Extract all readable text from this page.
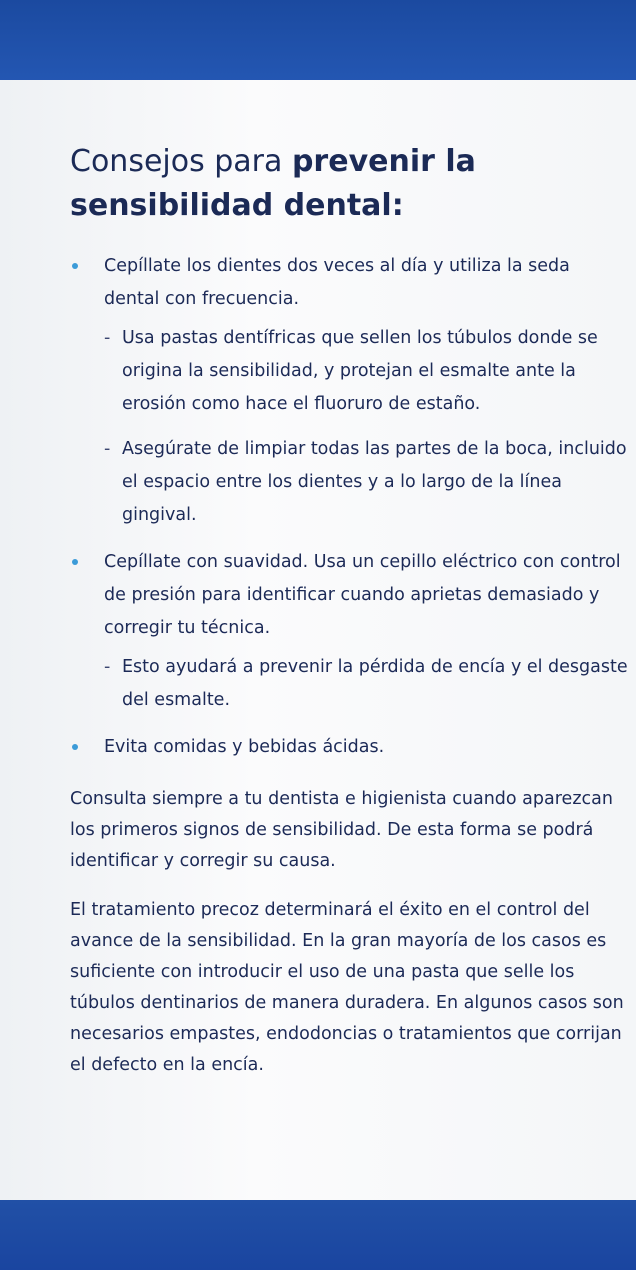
Consejos para prevenir la sensibilidad dental:
Cepíllate los dientes dos veces al día y utiliza la seda dental con frecuencia.
- Usa pastas dentífricas que sellen los túbulos donde se origina la sensibilidad, y protejan el esmalte ante la erosión como hace el fluoruro de estaño.
- Asegúrate de limpiar todas las partes de la boca, incluido el espacio entre los dientes y a lo largo de la línea gingival.
Cepíllate con suavidad. Usa un cepillo eléctrico con control de presión para identificar cuando aprietas demasiado y corregir tu técnica.
- Esto ayudará a prevenir la pérdida de encía y el desgaste del esmalte.
Evita comidas y bebidas ácidas.

Consulta siempre a tu dentista e higienista cuando aparezcan los primeros signos de sensibilidad. De esta forma se podrá identificar y corregir su causa.

El tratamiento precoz determinará el éxito en el control del avance de la sensibilidad. En la gran mayoría de los casos es suficiente con introducir el uso de una pasta que selle los túbulos dentinarios de manera duradera. En algunos casos son necesarios empastes, endodoncias o tratamientos que corrijan el defecto en la encía.
